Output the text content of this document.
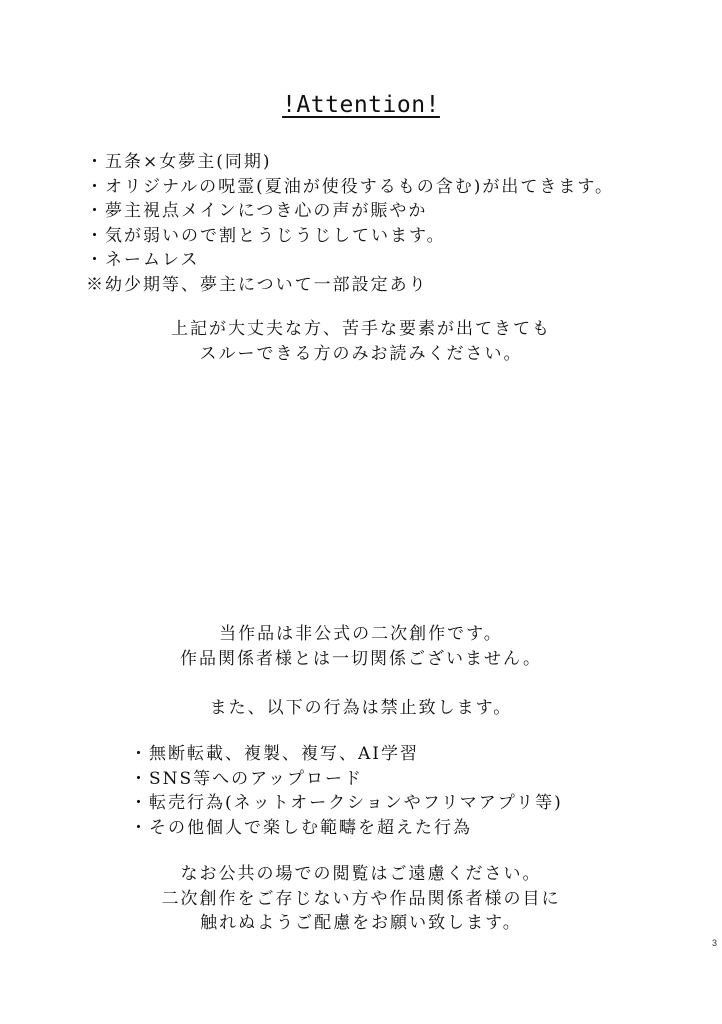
!Attention!
・五条×女夢主(同期)
・オリジナルの呪霊(夏油が使役するもの含む)が出てきます。
・夢主視点メインにつき心の声が賑やか
・気が弱いので割とうじうじしています。
・ネームレス
※幼少期等、夢主について一部設定あり
上記が大丈夫な方、苦手な要素が出てきても
スルーできる方のみお読みください。
当作品は非公式の二次創作です。
作品関係者様とは一切関係ございません。
また、以下の行為は禁止致します。
・無断転載、複製、複写、AI学習
・SNS等へのアップロード
・転売行為(ネットオークションやフリマアプリ等)
・その他個人で楽しむ範疇を超えた行為
なお公共の場での閲覧はご遠慮ください。
二次創作をご存じない方や作品関係者様の目に
触れぬようご配慮をお願い致します。
3
